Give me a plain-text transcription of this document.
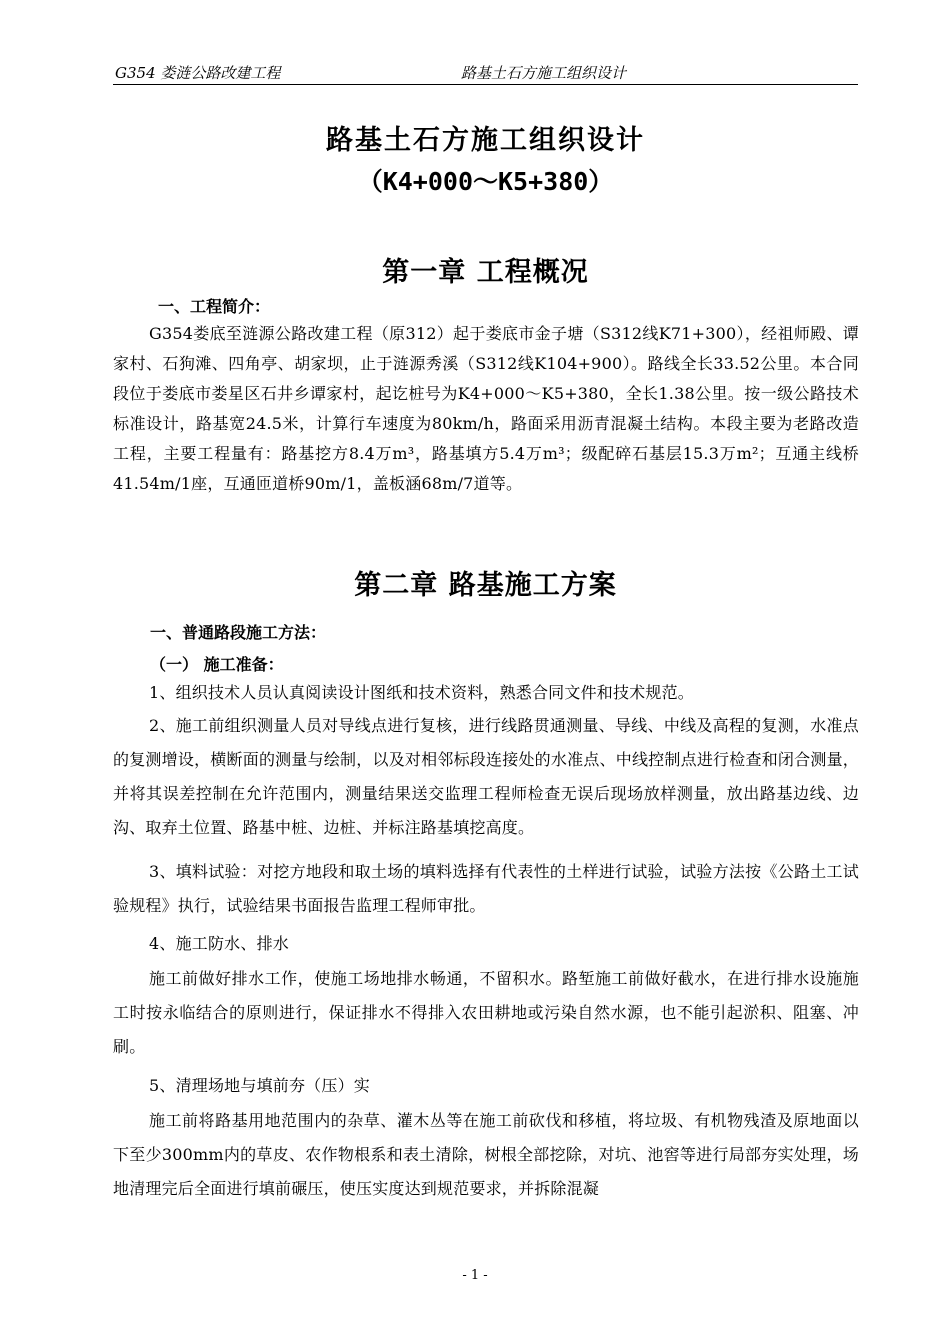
G354 娄涟公路改建工程	路基土石方施工组织设计
路基土石方施工组织设计
（K4+000～K5+380）
第一章 工程概况
一、工程简介：
G354娄底至涟源公路改建工程（原312）起于娄底市金子塘（S312线K71+300），经祖师殿、谭家村、石狗滩、四角亭、胡家坝，止于涟源秀溪（S312线K104+900）。路线全长33.52公里。本合同段位于娄底市娄星区石井乡谭家村，起讫桩号为K4+000～K5+380，全长1.38公里。按一级公路技术标准设计，路基宽24.5米，计算行车速度为80km/h，路面采用沥青混凝土结构。本段主要为老路改造工程，主要工程量有：路基挖方8.4万m³，路基填方5.4万m³；级配碎石基层15.3万m²；互通主线桥41.54m/1座，互通匝道桥90m/1，盖板涵68m/7道等。
第二章 路基施工方案
一、普通路段施工方法：
（一） 施工准备：
1、组织技术人员认真阅读设计图纸和技术资料，熟悉合同文件和技术规范。
2、施工前组织测量人员对导线点进行复核，进行线路贯通测量、导线、中线及高程的复测，水准点的复测增设，横断面的测量与绘制，以及对相邻标段连接处的水准点、中线控制点进行检查和闭合测量，并将其误差控制在允许范围内，测量结果送交监理工程师检查无误后现场放样测量，放出路基边线、边沟、取弃土位置、路基中桩、边桩、并标注路基填挖高度。
3、填料试验：对挖方地段和取土场的填料选择有代表性的土样进行试验，试验方法按《公路土工试验规程》执行，试验结果书面报告监理工程师审批。
4、施工防水、排水
施工前做好排水工作，使施工场地排水畅通，不留积水。路堑施工前做好截水，在进行排水设施施工时按永临结合的原则进行，保证排水不得排入农田耕地或污染自然水源，也不能引起淤积、阻塞、冲刷。
5、清理场地与填前夯（压）实
施工前将路基用地范围内的杂草、灌木丛等在施工前砍伐和移植，将垃圾、有机物残渣及原地面以下至少300mm内的草皮、农作物根系和表土清除，树根全部挖除，对坑、池窖等进行局部夯实处理，场地清理完后全面进行填前碾压，使压实度达到规范要求，并拆除混凝
- 1 -
